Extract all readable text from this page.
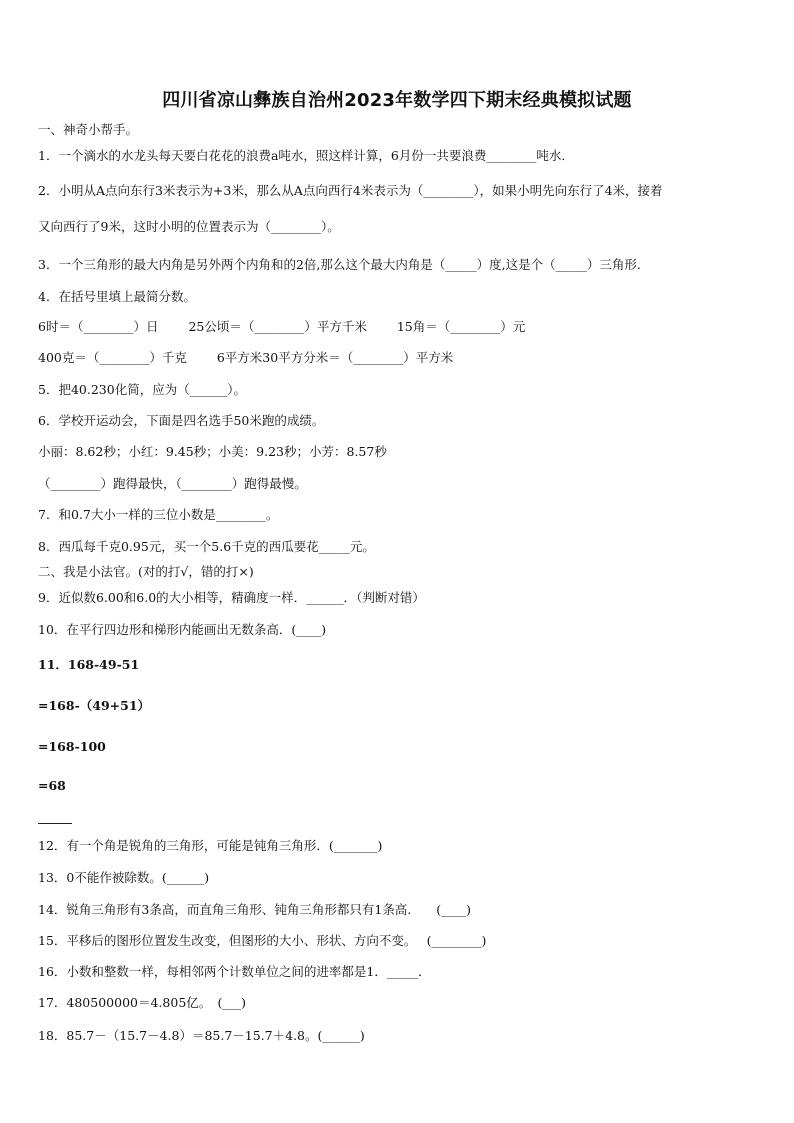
四川省凉山彝族自治州2023年数学四下期末经典模拟试题
一、神奇小帮手。
1．一个滴水的水龙头每天要白花花的浪费a吨水，照这样计算，6月份一共要浪费________吨水．
2．小明从A点向东行3米表示为+3米，那么从A点向西行4米表示为（________），如果小明先向东行了4米，接着
又向西行了9米，这时小明的位置表示为（________）。
3．一个三角形的最大内角是另外两个内角和的2倍,那么这个最大内角是（_____）度,这是个（_____）三角形.
4．在括号里填上最简分数。
6时＝（________）日 25公顷＝（________）平方千米 15角＝（________）元
400克＝（________）千克 6平方米30平方分米＝（________）平方米
5．把40.230化简，应为（______）。
6．学校开运动会，下面是四名选手50米跑的成绩。
小丽：8.62秒；小红：9.45秒；小美：9.23秒；小芳：8.57秒
（________）跑得最快，（________）跑得最慢。
7．和0.7大小一样的三位小数是________。
8．西瓜每千克0.95元，买一个5.6千克的西瓜要花_____元。
二、我是小法官。(对的打√，错的打×)
9．近似数6.00和6.0的大小相等，精确度一样．______．（判断对错）
10．在平行四边形和梯形内能画出无数条高．(____)
11．168-49-51
=168-（49+51）
=168-100
=68
12．有一个角是锐角的三角形，可能是钝角三角形．(_______)
13．0不能作被除数。(______)
14．锐角三角形有3条高，而直角三角形、钝角三角形都只有1条高.　　(____)
15．平移后的图形位置发生改变，但图形的大小、形状、方向不变。　 (________)
16．小数和整数一样，每相邻两个计数单位之间的进率都是1．_____．
17．480500000＝4.805亿。　(___)
18．85.7－（15.7－4.8）＝85.7－15.7＋4.8。(______)
